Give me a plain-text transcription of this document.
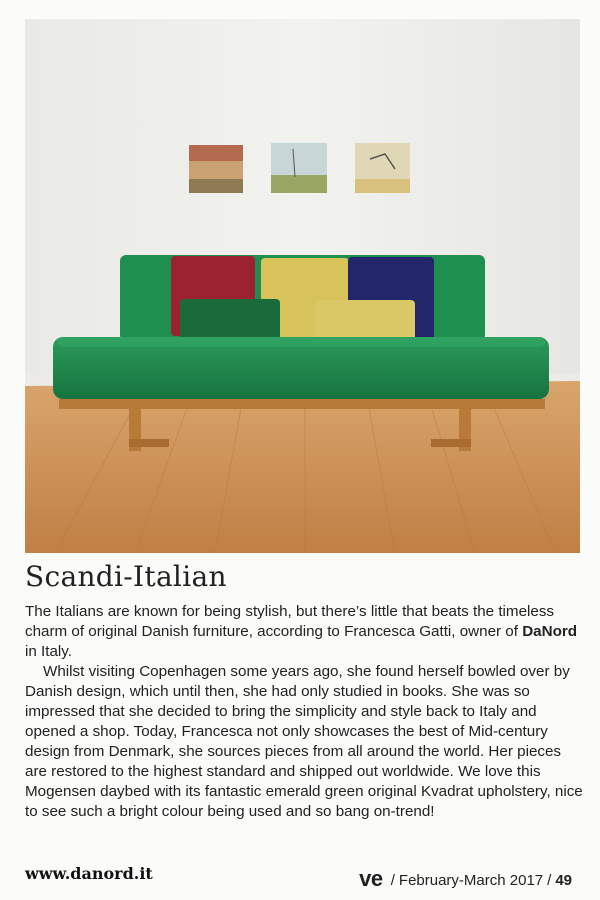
Scandi-Italian

The Italians are known for being stylish, but there’s little that beats the timeless charm of original Danish furniture, according to Francesca Gatti, owner of DaNord in Italy.

Whilst visiting Copenhagen some years ago, she found herself bowled over by Danish design, which until then, she had only studied in books. She was so impressed that she decided to bring the simplicity and style back to Italy and opened a shop. Today, Francesca not only showcases the best of Mid-century design from Denmark, she sources pieces from all around the world. Her pieces are restored to the highest standard and shipped out worldwide. We love this Mogensen daybed with its fantastic emerald green original Kvadrat upholstery, nice to see such a bright colour being used and so bang on-trend!

www.danord.it	ve / February-March 2017 / 49
